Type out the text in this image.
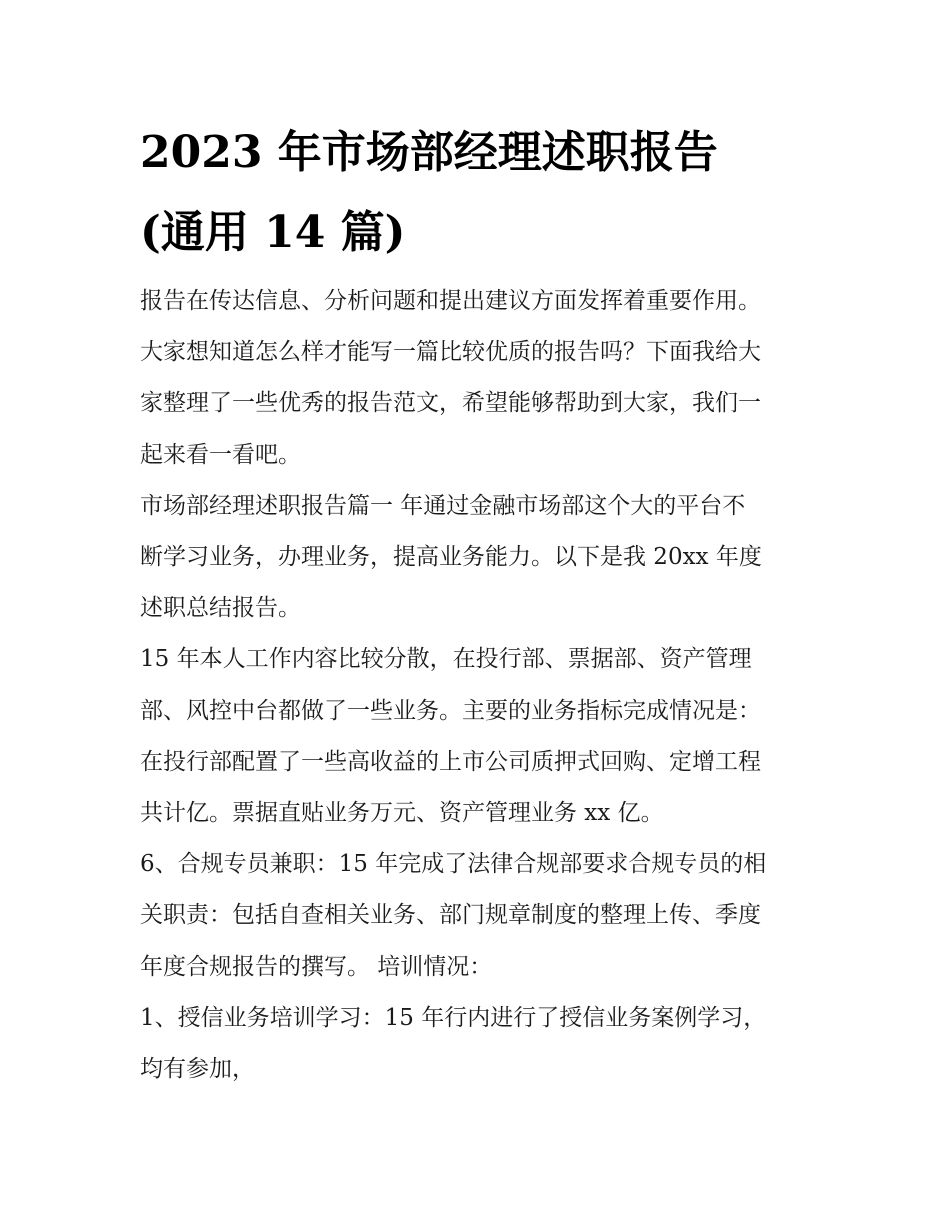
2023 年市场部经理述职报告
(通用 14 篇)

报告在传达信息、分析问题和提出建议方面发挥着重要作用。
大家想知道怎么样才能写一篇比较优质的报告吗？下面我给大
家整理了一些优秀的报告范文，希望能够帮助到大家，我们一
起来看一看吧。

市场部经理述职报告篇一 年通过金融市场部这个大的平台不
断学习业务，办理业务，提高业务能力。以下是我 20xx 年度
述职总结报告。

15 年本人工作内容比较分散，在投行部、票据部、资产管理
部、风控中台都做了一些业务。主要的业务指标完成情况是：
在投行部配置了一些高收益的上市公司质押式回购、定增工程
共计亿。票据直贴业务万元、资产管理业务 xx 亿。

6、合规专员兼职：15 年完成了法律合规部要求合规专员的相
关职责：包括自查相关业务、部门规章制度的整理上传、季度
年度合规报告的撰写。 培训情况：

1、授信业务培训学习：15 年行内进行了授信业务案例学习，
均有参加，
